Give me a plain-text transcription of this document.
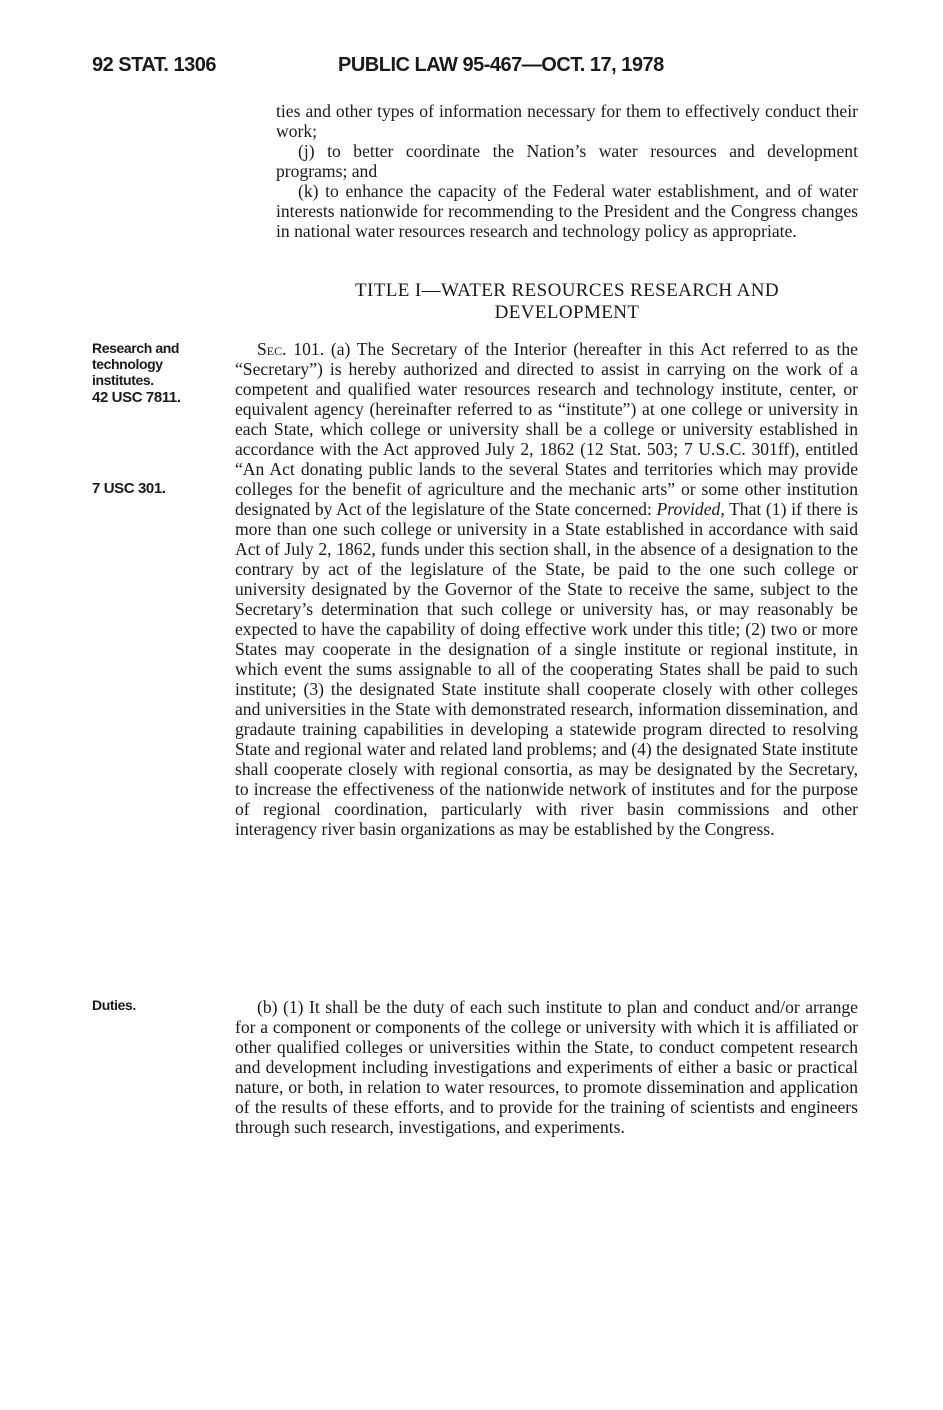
92 STAT. 1306	PUBLIC LAW 95-467—OCT. 17, 1978

ties and other types of information necessary for them to effectively conduct their work;

(j) to better coordinate the Nation’s water resources and development programs; and

(k) to enhance the capacity of the Federal water establishment, and of water interests nationwide for recommending to the President and the Congress changes in national water resources research and technology policy as appropriate.

TITLE I—WATER RESOURCES RESEARCH AND
DEVELOPMENT
Research and
technology
institutes.
42 USC 7811.
7 USC 301.
Duties.

Sec. 101. (a) The Secretary of the Interior (hereafter in this Act referred to as the “Secretary”) is hereby authorized and directed to assist in carrying on the work of a competent and qualified water resources research and technology institute, center, or equivalent agency (hereinafter referred to as “institute”) at one college or university in each State, which college or university shall be a college or university established in accordance with the Act approved July 2, 1862 (12 Stat. 503; 7 U.S.C. 301ff), entitled “An Act donating public lands to the several States and territories which may provide colleges for the benefit of agriculture and the mechanic arts” or some other institution designated by Act of the legislature of the State concerned: Provided, That (1) if there is more than one such college or university in a State established in accordance with said Act of July 2, 1862, funds under this section shall, in the absence of a designation to the contrary by act of the legislature of the State, be paid to the one such college or university designated by the Governor of the State to receive the same, subject to the Secretary’s determination that such college or university has, or may reasonably be expected to have the capability of doing effective work under this title; (2) two or more States may cooperate in the designation of a single institute or regional institute, in which event the sums assignable to all of the cooperating States shall be paid to such institute; (3) the designated State institute shall cooperate closely with other colleges and universities in the State with demonstrated research, information dissemination, and gradaute training capabilities in developing a statewide program directed to resolving State and regional water and related land problems; and (4) the designated State institute shall cooperate closely with regional consortia, as may be designated by the Secretary, to increase the effectiveness of the nationwide network of institutes and for the purpose of regional coordination, particularly with river basin commissions and other interagency river basin organizations as may be established by the Congress.

(b) (1) It shall be the duty of each such institute to plan and conduct and/or arrange for a component or components of the college or university with which it is affiliated or other qualified colleges or universities within the State, to conduct competent research and development including investigations and experiments of either a basic or practical nature, or both, in relation to water resources, to promote dissemination and application of the results of these efforts, and to provide for the training of scientists and engineers through such research, investigations, and experiments.
